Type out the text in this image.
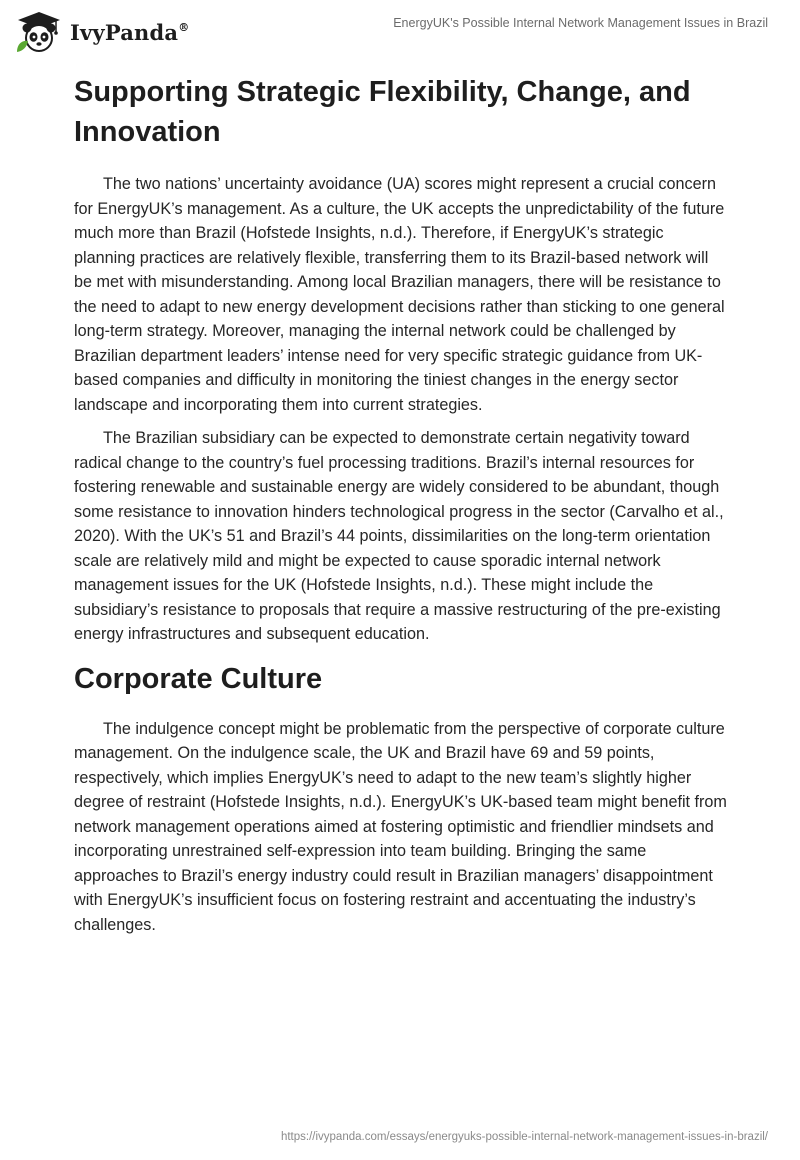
IvyPanda®	EnergyUK's Possible Internal Network Management Issues in Brazil
Supporting Strategic Flexibility, Change, and Innovation

The two nations’ uncertainty avoidance (UA) scores might represent a crucial concern for EnergyUK’s management. As a culture, the UK accepts the unpredictability of the future much more than Brazil (Hofstede Insights, n.d.). Therefore, if EnergyUK’s strategic planning practices are relatively flexible, transferring them to its Brazil-based network will be met with misunderstanding. Among local Brazilian managers, there will be resistance to the need to adapt to new energy development decisions rather than sticking to one general long-term strategy. Moreover, managing the internal network could be challenged by Brazilian department leaders’ intense need for very specific strategic guidance from UK-based companies and difficulty in monitoring the tiniest changes in the energy sector landscape and incorporating them into current strategies.

The Brazilian subsidiary can be expected to demonstrate certain negativity toward radical change to the country’s fuel processing traditions. Brazil’s internal resources for fostering renewable and sustainable energy are widely considered to be abundant, though some resistance to innovation hinders technological progress in the sector (Carvalho et al., 2020). With the UK’s 51 and Brazil’s 44 points, dissimilarities on the long-term orientation scale are relatively mild and might be expected to cause sporadic internal network management issues for the UK (Hofstede Insights, n.d.). These might include the subsidiary’s resistance to proposals that require a massive restructuring of the pre-existing energy infrastructures and subsequent education.

Corporate Culture

The indulgence concept might be problematic from the perspective of corporate culture management. On the indulgence scale, the UK and Brazil have 69 and 59 points, respectively, which implies EnergyUK’s need to adapt to the new team’s slightly higher degree of restraint (Hofstede Insights, n.d.). EnergyUK’s UK-based team might benefit from network management operations aimed at fostering optimistic and friendlier mindsets and incorporating unrestrained self-expression into team building. Bringing the same approaches to Brazil’s energy industry could result in Brazilian managers’ disappointment with EnergyUK’s insufficient focus on fostering restraint and accentuating the industry’s challenges.

https://ivypanda.com/essays/energyuks-possible-internal-network-management-issues-in-brazil/
